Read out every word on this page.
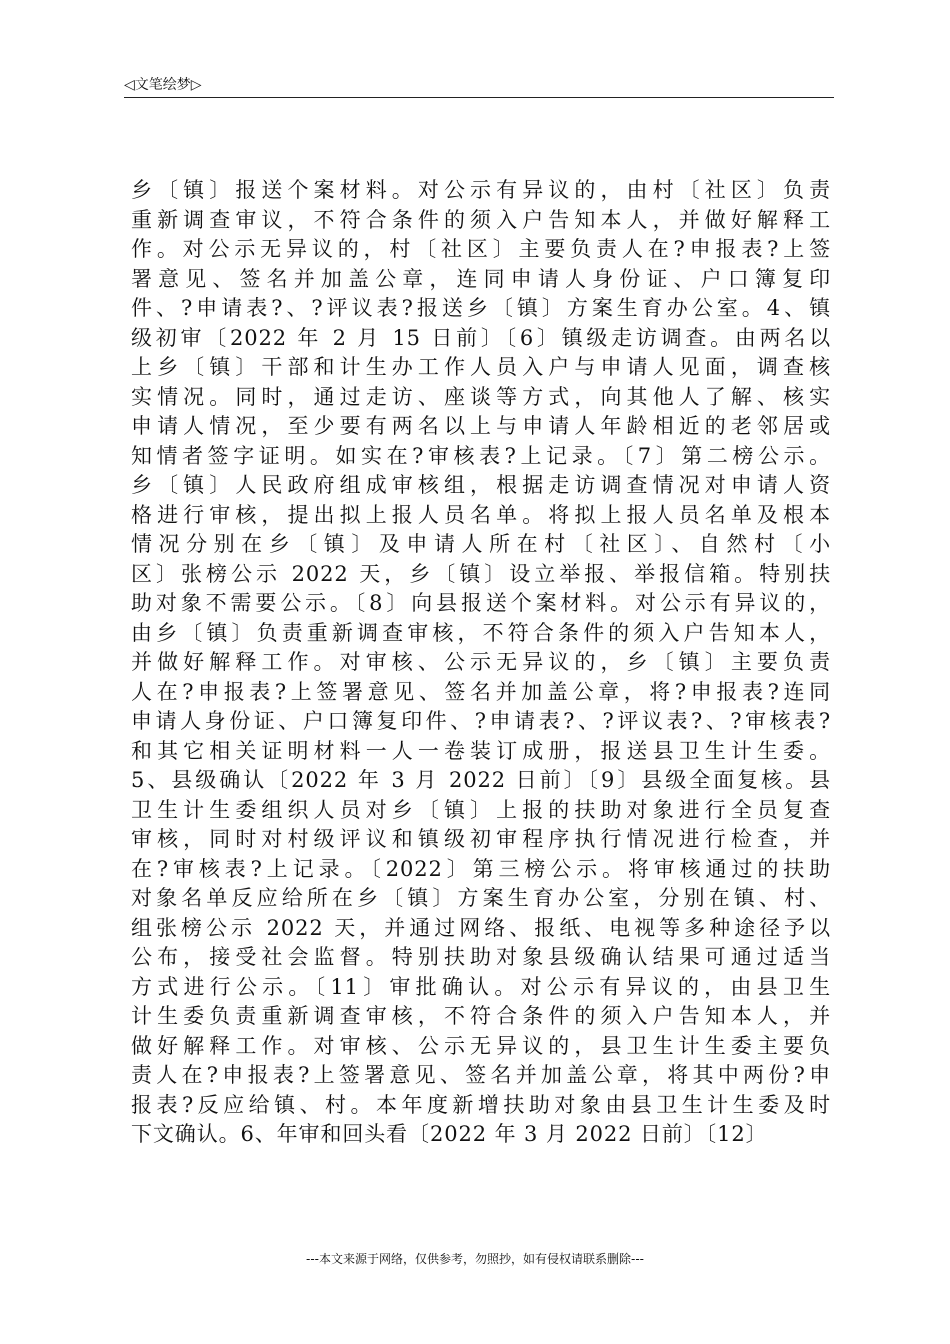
◁文笔绘梦▷
乡〔镇〕报送个案材料。对公示有异议的，由村〔社区〕负责
重新调查审议，不符合条件的须入户告知本人，并做好解释工
作。对公示无异议的，村〔社区〕主要负责人在?申报表?上签
署意见、签名并加盖公章，连同申请人身份证、户口簿复印
件、?申请表?、?评议表?报送乡〔镇〕方案生育办公室。4、镇
级初审〔2022 年 2 月 15 日前〕〔6〕镇级走访调查。由两名以
上乡〔镇〕干部和计生办工作人员入户与申请人见面，调查核
实情况。同时，通过走访、座谈等方式，向其他人了解、核实
申请人情况，至少要有两名以上与申请人年龄相近的老邻居或
知情者签字证明。如实在?审核表?上记录。〔7〕第二榜公示。
乡〔镇〕人民政府组成审核组，根据走访调查情况对申请人资
格进行审核，提出拟上报人员名单。将拟上报人员名单及根本
情况分别在乡〔镇〕及申请人所在村〔社区〕、自然村〔小
区〕张榜公示 2022 天，乡〔镇〕设立举报、举报信箱。特别扶
助对象不需要公示。〔8〕向县报送个案材料。对公示有异议的，
由乡〔镇〕负责重新调查审核，不符合条件的须入户告知本人，
并做好解释工作。对审核、公示无异议的，乡〔镇〕主要负责
人在?申报表?上签署意见、签名并加盖公章，将?申报表?连同
申请人身份证、户口簿复印件、?申请表?、?评议表?、?审核表?
和其它相关证明材料一人一卷装订成册，报送县卫生计生委。
5、县级确认〔2022 年 3 月 2022 日前〕〔9〕县级全面复核。县
卫生计生委组织人员对乡〔镇〕上报的扶助对象进行全员复查
审核，同时对村级评议和镇级初审程序执行情况进行检查，并
在?审核表?上记录。〔2022〕第三榜公示。将审核通过的扶助
对象名单反应给所在乡〔镇〕方案生育办公室，分别在镇、村、
组张榜公示 2022 天，并通过网络、报纸、电视等多种途径予以
公布，接受社会监督。特别扶助对象县级确认结果可通过适当
方式进行公示。〔11〕审批确认。对公示有异议的，由县卫生
计生委负责重新调查审核，不符合条件的须入户告知本人，并
做好解释工作。对审核、公示无异议的，县卫生计生委主要负
责人在?申报表?上签署意见、签名并加盖公章，将其中两份?申
报表?反应给镇、村。本年度新增扶助对象由县卫生计生委及时
下文确认。6、年审和回头看〔2022 年 3 月 2022 日前〕〔12〕
---本文来源于网络，仅供参考，勿照抄，如有侵权请联系删除---
